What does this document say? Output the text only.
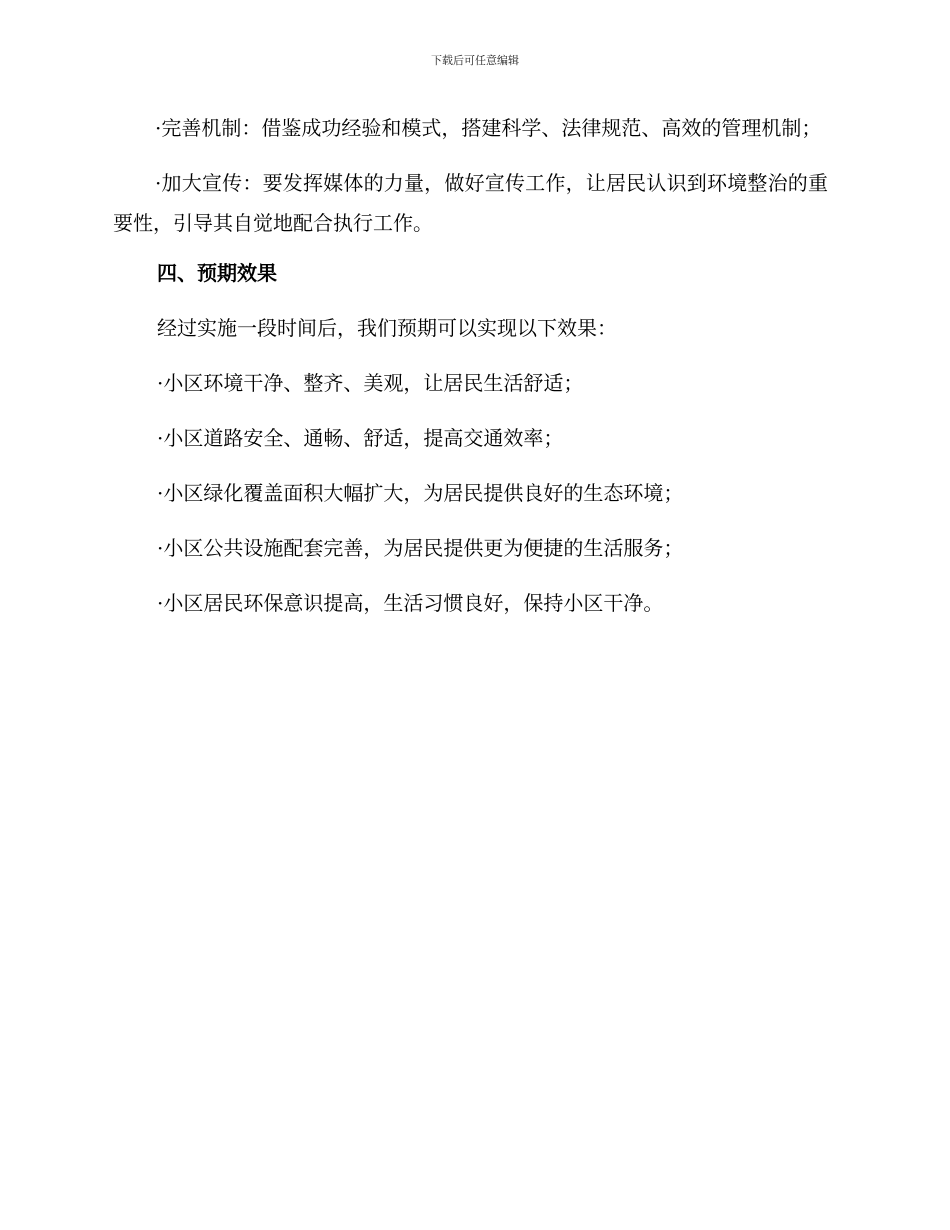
下载后可任意编辑

·完善机制：借鉴成功经验和模式，搭建科学、法律规范、高效的管理机制；

·加大宣传：要发挥媒体的力量，做好宣传工作，让居民认识到环境整治的重要性，引导其自觉地配合执行工作。

四、预期效果
经过实施一段时间后，我们预期可以实现以下效果：
·小区环境干净、整齐、美观，让居民生活舒适；
·小区道路安全、通畅、舒适，提高交通效率；
·小区绿化覆盖面积大幅扩大，为居民提供良好的生态环境；
·小区公共设施配套完善，为居民提供更为便捷的生活服务；
·小区居民环保意识提高，生活习惯良好，保持小区干净。
